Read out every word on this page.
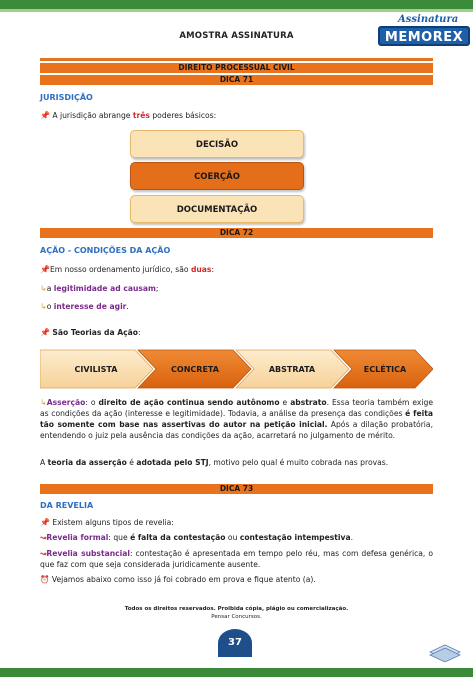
AMOSTRA ASSINATURA
Assinatura
MEMOREX
DIREITO PROCESSUAL CIVIL
DICA 71
JURISDIÇÃO
📌 A jurisdição abrange três poderes básicos:
DECISÃO
COERÇÃO
DOCUMENTAÇÃO
DICA 72
AÇÃO - CONDIÇÕES DA AÇÃO
📌Em nosso ordenamento jurídico, são duas:
↳a legitimidade ad causam;
↳o interesse de agir.
📌 São Teorias da Ação:
CIVILISTA	CONCRETA	ABSTRATA	ECLÉTICA
↳Asserção: o direito de ação continua sendo autônomo e abstrato. Essa teoria também exige as condições da ação (interesse e legitimidade). Todavia, a análise da presença das condições é feita tão somente com base nas assertivas do autor na petição inicial. Após a dilação probatória, entendendo o juiz pela ausência das condições da ação, acarretará no julgamento de mérito.
A teoria da asserção é adotada pelo STJ, motivo pelo qual é muito cobrada nas provas.
DICA 73
DA REVELIA
📌 Existem alguns tipos de revelia:
↝Revelia formal: que é falta da contestação ou contestação intempestiva.
↝Revelia substancial: contestação é apresentada em tempo pelo réu, mas com defesa genérica, o que faz com que seja considerada juridicamente ausente.
⏰ Vejamos abaixo como isso já foi cobrado em prova e fique atento (a).
Todos os direitos reservados. Proibida cópia, plágio ou comercialização.
Pensar Concursos.
37
